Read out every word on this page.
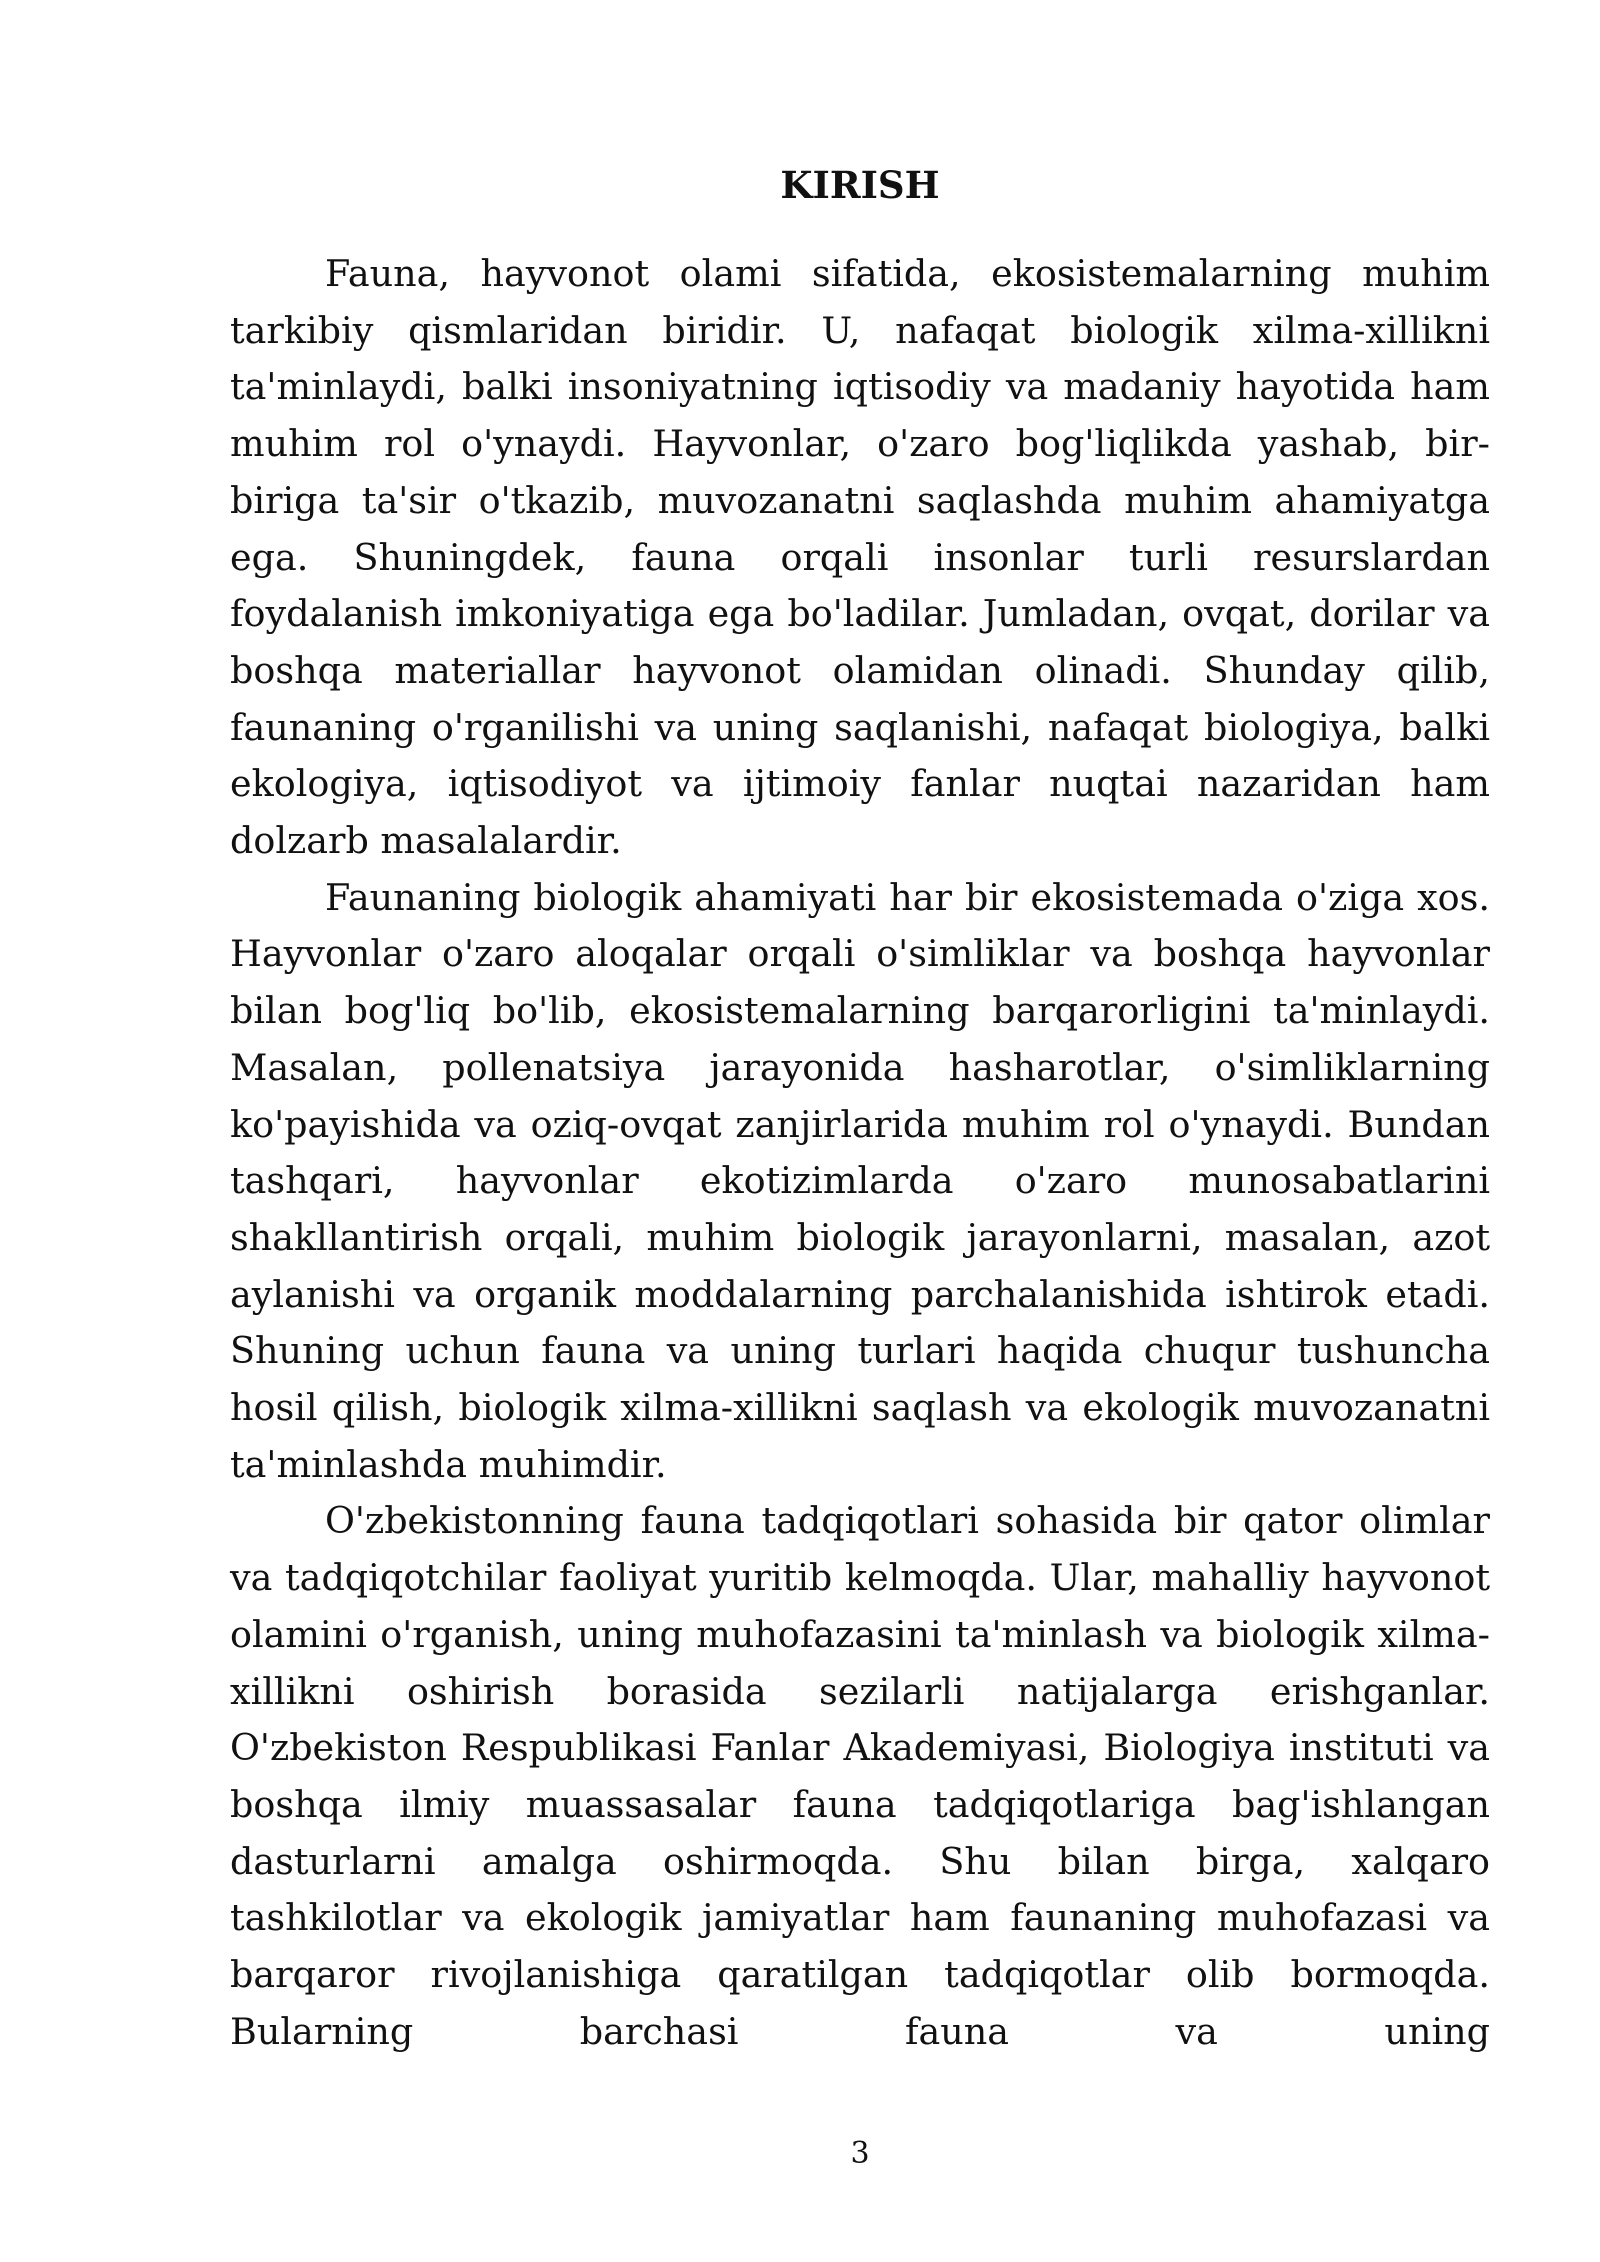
KIRISH

Fauna, hayvonot olami sifatida, ekosistemalarning muhim tarkibiy qismlaridan biridir. U, nafaqat biologik xilma-xillikni ta'minlaydi, balki insoniyatning iqtisodiy va madaniy hayotida ham muhim rol o'ynaydi. Hayvonlar, o'zaro bog'liqlikda yashab, bir-biriga ta'sir o'tkazib, muvozanatni saqlashda muhim ahamiyatga ega. Shuningdek, fauna orqali insonlar turli resurslardan foydalanish imkoniyatiga ega bo'ladilar. Jumladan, ovqat, dorilar va boshqa materiallar hayvonot olamidan olinadi. Shunday qilib, faunaning o'rganilishi va uning saqlanishi, nafaqat biologiya, balki ekologiya, iqtisodiyot va ijtimoiy fanlar nuqtai nazaridan ham dolzarb masalalardir.

Faunaning biologik ahamiyati har bir ekosistemada o'ziga xos. Hayvonlar o'zaro aloqalar orqali o'simliklar va boshqa hayvonlar bilan bog'liq bo'lib, ekosistemalarning barqarorligini ta'minlaydi. Masalan, pollenatsiya jarayonida hasharotlar, o'simliklarning ko'payishida va oziq-ovqat zanjirlarida muhim rol o'ynaydi. Bundan tashqari, hayvonlar ekotizimlarda o'zaro munosabatlarini shakllantirish orqali, muhim biologik jarayonlarni, masalan, azot aylanishi va organik moddalarning parchalanishida ishtirok etadi. Shuning uchun fauna va uning turlari haqida chuqur tushuncha hosil qilish, biologik xilma-xillikni saqlash va ekologik muvozanatni ta'minlashda muhimdir.

O'zbekistonning fauna tadqiqotlari sohasida bir qator olimlar va tadqiqotchilar faoliyat yuritib kelmoqda. Ular, mahalliy hayvonot olamini o'rganish, uning muhofazasini ta'minlash va biologik xilma-xillikni oshirish borasida sezilarli natijalarga erishganlar. O'zbekiston Respublikasi Fanlar Akademiyasi, Biologiya instituti va boshqa ilmiy muassasalar fauna tadqiqotlariga bag'ishlangan dasturlarni amalga oshirmoqda. Shu bilan birga, xalqaro tashkilotlar va ekologik jamiyatlar ham faunaning muhofazasi va barqaror rivojlanishiga qaratilgan tadqiqotlar olib bormoqda. Bularning barchasi fauna va uning

3
